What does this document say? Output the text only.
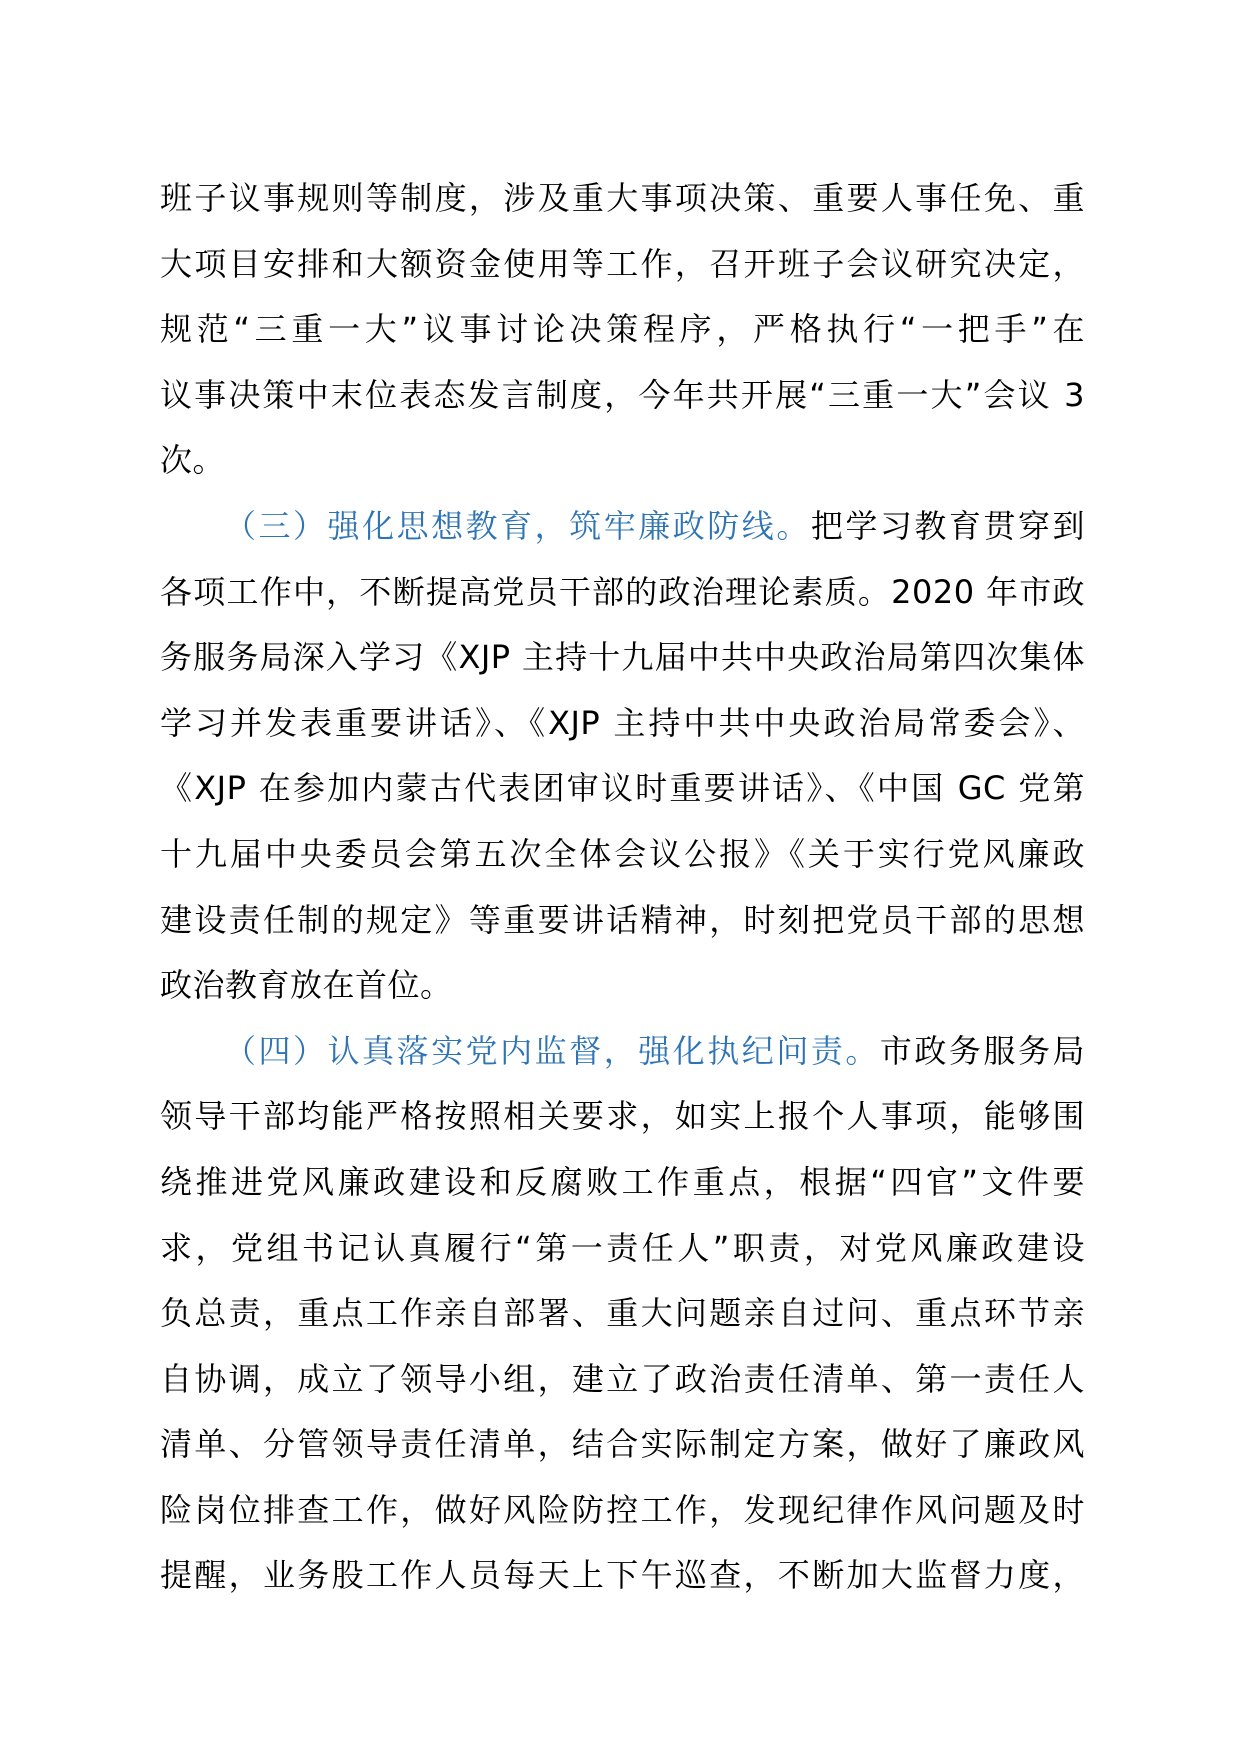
班子议事规则等制度，涉及重大事项决策、重要人事任免、重
大项目安排和大额资金使用等工作，召开班子会议研究决定，
规范“三重一大”议事讨论决策程序，严格执行“一把手”在
议事决策中末位表态发言制度，今年共开展“三重一大”会议 3
次。
（三）强化思想教育，筑牢廉政防线。把学习教育贯穿到
各项工作中，不断提高党员干部的政治理论素质。2020 年市政
务服务局深入学习《XJP 主持十九届中共中央政治局第四次集体
学习并发表重要讲话》、《XJP 主持中共中央政治局常委会》、
《XJP 在参加内蒙古代表团审议时重要讲话》、《中国 GC 党第
十九届中央委员会第五次全体会议公报》《关于实行党风廉政
建设责任制的规定》等重要讲话精神，时刻把党员干部的思想
政治教育放在首位。
（四）认真落实党内监督，强化执纪问责。市政务服务局
领导干部均能严格按照相关要求，如实上报个人事项，能够围
绕推进党风廉政建设和反腐败工作重点，根据“四官”文件要
求，党组书记认真履行“第一责任人”职责，对党风廉政建设
负总责，重点工作亲自部署、重大问题亲自过问、重点环节亲
自协调，成立了领导小组，建立了政治责任清单、第一责任人
清单、分管领导责任清单，结合实际制定方案，做好了廉政风
险岗位排查工作，做好风险防控工作，发现纪律作风问题及时
提醒，业务股工作人员每天上下午巡查，不断加大监督力度，
